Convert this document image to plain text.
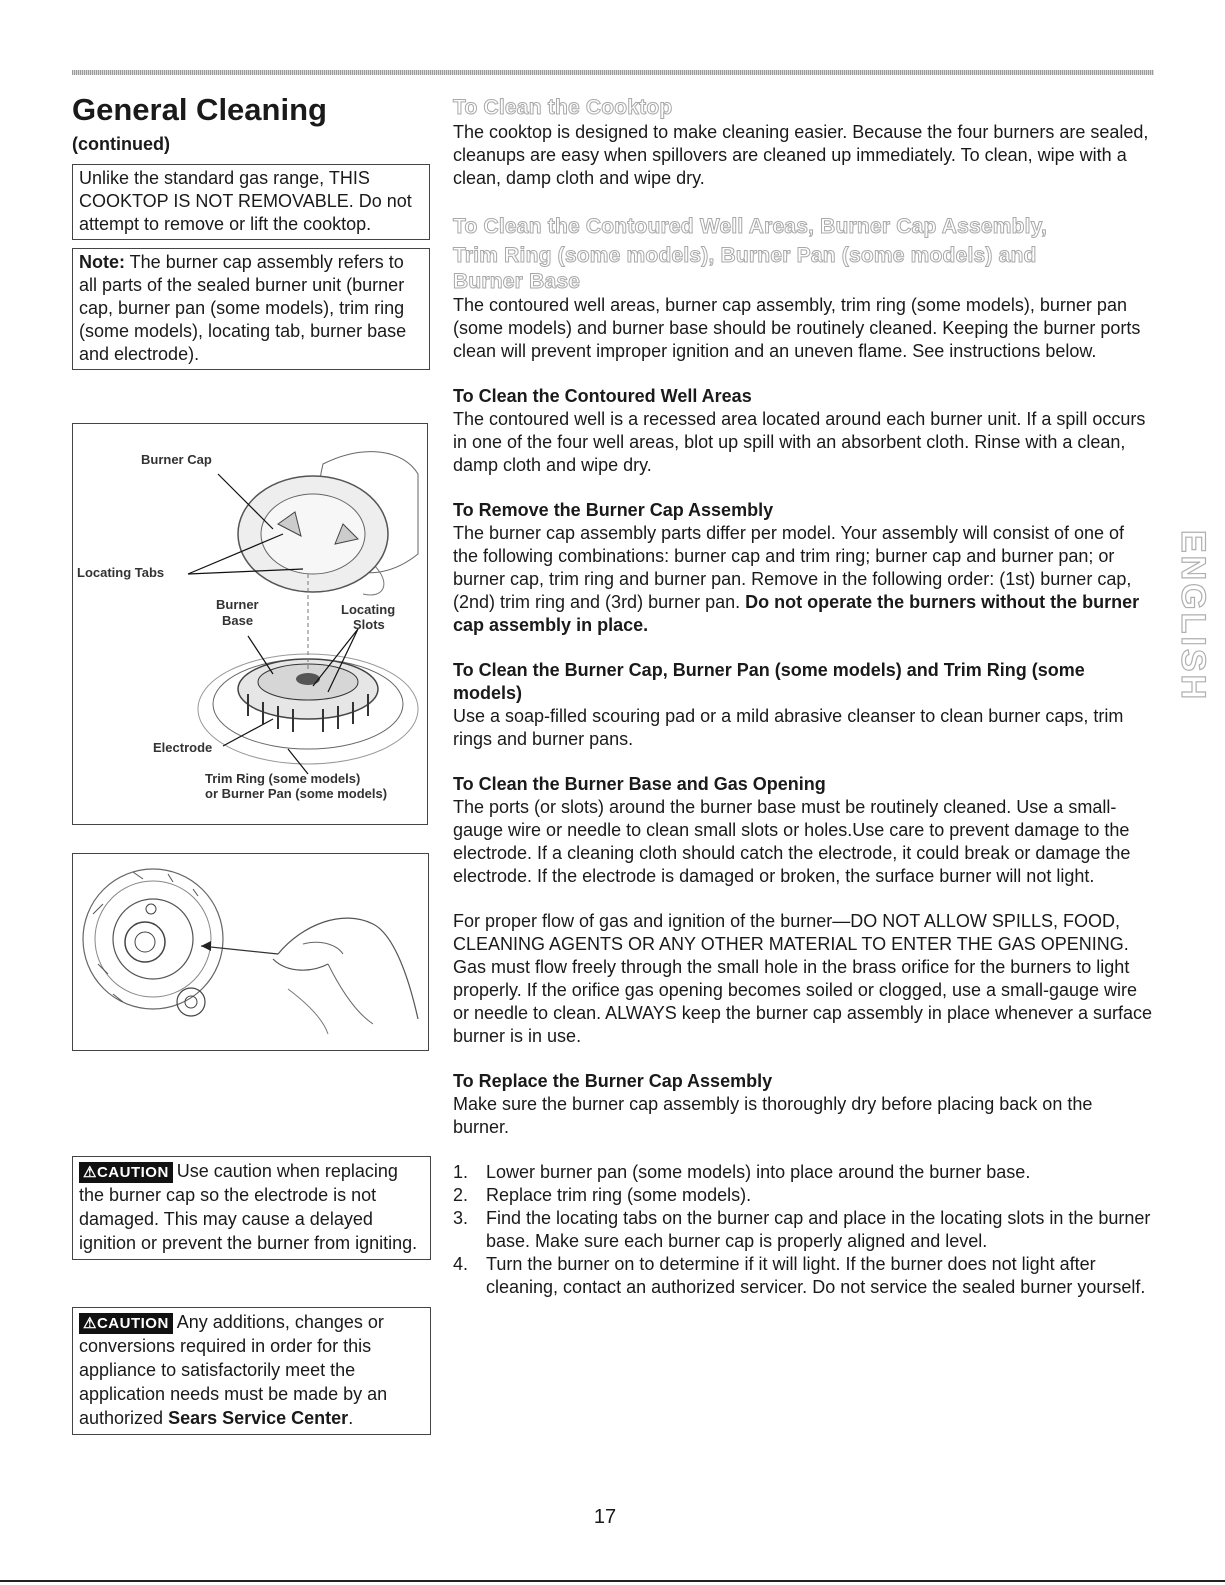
General Cleaning
(continued)
Unlike the standard gas range, THIS COOKTOP IS NOT REMOVABLE. Do not attempt to remove or lift the cooktop.
Note: The burner cap assembly refers to all parts of the sealed burner unit (burner cap, burner pan (some models), trim ring (some models), locating tab, burner base and electrode).
Burner Cap
Locating Tabs
Burner
Base
Locating
Slots
Electrode
Trim Ring (some models)
or Burner Pan (some models)
⚠CAUTION Use caution when replacing the burner cap so the electrode is not damaged. This may cause a delayed ignition or prevent the burner from igniting.
⚠CAUTION Any additions, changes or conversions required in order for this appliance to satisfactorily meet the application needs must be made by an authorized Sears Service Center.
To Clean the Cooktop

The cooktop is designed to make cleaning easier. Because the four burners are sealed, cleanups are easy when spillovers are cleaned up immediately. To clean, wipe with a clean, damp cloth and wipe dry.

To Clean the Contoured Well Areas, Burner Cap Assembly,
Trim Ring (some models), Burner Pan (some models) and
Burner Base

The contoured well areas, burner cap assembly, trim ring (some models), burner pan (some models) and burner base should be routinely cleaned. Keeping the burner ports clean will prevent improper ignition and an uneven flame. See instructions below.

To Clean the Contoured Well Areas

The contoured well is a recessed area located around each burner unit. If a spill occurs in one of the four well areas, blot up spill with an absorbent cloth. Rinse with a clean, damp cloth and wipe dry.

To Remove the Burner Cap Assembly

The burner cap assembly parts differ per model. Your assembly will consist of one of the following combinations: burner cap and trim ring; burner cap and burner pan; or burner cap, trim ring and burner pan. Remove in the following order: (1st) burner cap, (2nd) trim ring and (3rd) burner pan. Do not operate the burners without the burner cap assembly in place.

To Clean the Burner Cap, Burner Pan (some models) and Trim Ring (some models)

Use a soap-filled scouring pad or a mild abrasive cleanser to clean burner caps, trim rings and burner pans.

To Clean the Burner Base and Gas Opening

The ports (or slots) around the burner base must be routinely cleaned. Use a small-gauge wire or needle to clean small slots or holes.Use care to prevent damage to the electrode. If a cleaning cloth should catch the electrode, it could break or damage the electrode. If the electrode is damaged or broken, the surface burner will not light.

For proper flow of gas and ignition of the burner—DO NOT ALLOW SPILLS, FOOD, CLEANING AGENTS OR ANY OTHER MATERIAL TO ENTER THE GAS OPENING. Gas must flow freely through the small hole in the brass orifice for the burners to light properly. If the orifice gas opening becomes soiled or clogged, use a small-gauge wire or needle to clean. ALWAYS keep the burner cap assembly in place whenever a surface burner is in use.

To Replace the Burner Cap Assembly

Make sure the burner cap assembly is thoroughly dry before placing back on the burner.

1. Lower burner pan (some models) into place around the burner base.
2. Replace trim ring (some models).
3. Find the locating tabs on the burner cap and place in the locating slots in the burner base. Make sure each burner cap is properly aligned and level.
4. Turn the burner on to determine if it will light. If the burner does not light after cleaning, contact an authorized servicer. Do not service the sealed burner yourself.
ENGLISH
17
